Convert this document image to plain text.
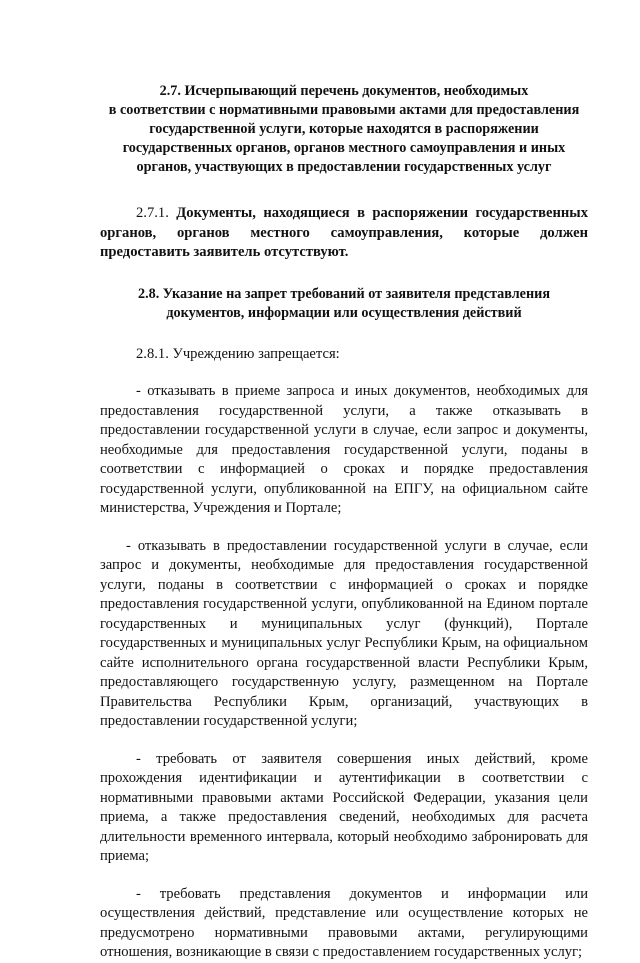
2.7. Исчерпывающий перечень документов, необходимых
в соответствии с нормативными правовыми актами для предоставления
государственной услуги, которые находятся в распоряжении
государственных органов, органов местного самоуправления и иных
органов, участвующих в предоставлении государственных услуг
2.7.1. Документы, находящиеся в распоряжении государственных органов, органов местного самоуправления, которые должен предоставить заявитель отсутствуют.
2.8. Указание на запрет требований от заявителя представления
документов, информации или осуществления действий
2.8.1. Учреждению запрещается:
- отказывать в приеме запроса и иных документов, необходимых для предоставления государственной услуги, а также отказывать в предоставлении государственной услуги в случае, если запрос и документы, необходимые для предоставления государственной услуги, поданы в соответствии с информацией о сроках и порядке предоставления государственной услуги, опубликованной на ЕПГУ, на официальном сайте министерства, Учреждения и Портале;
- отказывать в предоставлении государственной услуги в случае, если запрос и документы, необходимые для предоставления государственной услуги, поданы в соответствии с информацией о сроках и порядке предоставления государственной услуги, опубликованной на Едином портале государственных и муниципальных услуг (функций), Портале государственных и муниципальных услуг Республики Крым, на официальном сайте исполнительного органа государственной власти Республики Крым, предоставляющего государственную услугу, размещенном на Портале Правительства Республики Крым, организаций, участвующих в предоставлении государственной услуги;
- требовать от заявителя совершения иных действий, кроме прохождения идентификации и аутентификации в соответствии с нормативными правовыми актами Российской Федерации, указания цели приема, а также предоставления сведений, необходимых для расчета длительности временного интервала, который необходимо забронировать для приема;
- требовать представления документов и информации или осуществления действий, представление или осуществление которых не предусмотрено нормативными правовыми актами, регулирующими отношения, возникающие в связи с предоставлением государственных услуг;
